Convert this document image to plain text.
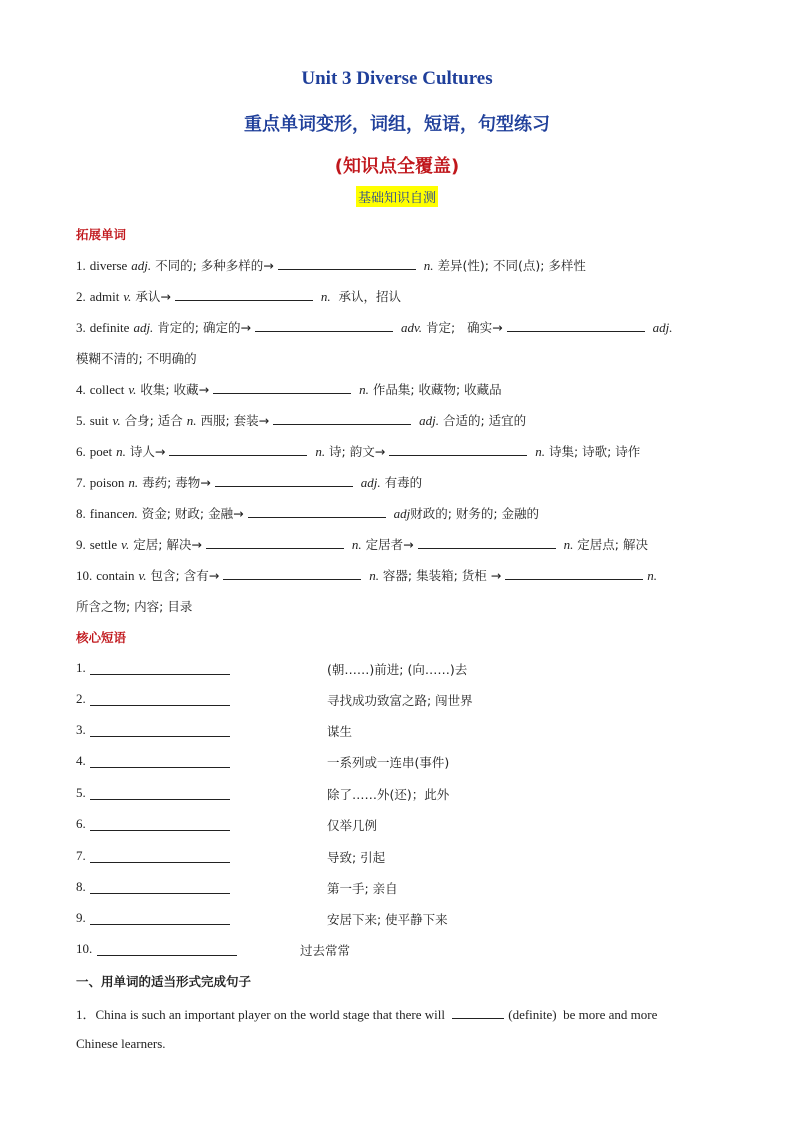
Unit 3 Diverse Cultures
重点单词变形，词组，短语，句型练习
(知识点全覆盖)
基础知识自测
拓展单词
1. diverse adj. 不同的; 多种多样的→	n. 差异(性); 不同(点); 多样性
2. admit v. 承认→	n. 承认，招认
3. definite adj. 肯定的; 确定的→	adv. 肯定; 确实→	adj.
模糊不清的; 不明确的
4. collect v. 收集; 收藏→	n. 作品集; 收藏物; 收藏品
5. suit v. 合身; 适合 n. 西服; 套装→	adj. 合适的; 适宜的
6. poet n. 诗人→	n. 诗; 韵文→	n. 诗集; 诗歌; 诗作
7. poison n. 毒药; 毒物→	adj. 有毒的
8. financen. 资金; 财政; 金融→	adj财政的; 财务的; 金融的
9. settle v. 定居; 解决→	n. 定居者→	n. 定居点; 解决
10. contain v. 包含; 含有→	n. 容器; 集装箱; 货柜 →	n.
所含之物; 内容; 目录
核心短语
1.	(朝……)前进; (向……)去
2.	寻找成功致富之路; 闯世界
3.	谋生
4.	一系列或一连串(事件)
5.	除了……外(还)；此外
6.	仅举几例
7.	导致; 引起
8.	第一手; 亲自
9.	安居下来; 使平静下来
10.	过去常常
一、用单词的适当形式完成句子
1．China is such an important player on the world stage that there will	(definite) be more and more
Chinese learners.
